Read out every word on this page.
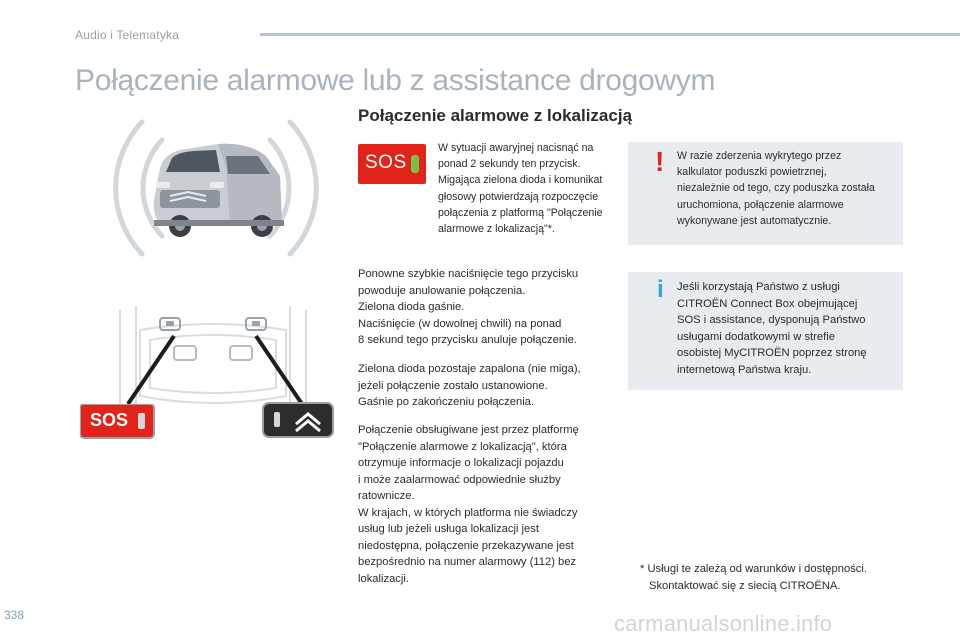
Audio i Telematyka
Połączenie alarmowe lub z assistance drogowym
Połączenie alarmowe z lokalizacją
SOS
W sytuacji awaryjnej nacisnąć na
ponad 2 sekundy ten przycisk.
Migająca zielona dioda i komunikat
głosowy potwierdzają rozpoczęcie
połączenia z platformą "Połączenie
alarmowe z lokalizacją"*.
! W razie zderzenia wykrytego przez
kalkulator poduszki powietrznej,
niezależnie od tego, czy poduszka została
uruchomiona, połączenie alarmowe
wykonywane jest automatycznie.
i Jeśli korzystają Państwo z usługi
CITROËN Connect Box obejmującej
SOS i assistance, dysponują Państwo
usługami dodatkowymi w strefie
osobistej MyCITROËN poprzez stronę
internetową Państwa kraju.
Ponowne szybkie naciśnięcie tego przycisku
powoduje anulowanie połączenia.
Zielona dioda gaśnie.
Naciśnięcie (w dowolnej chwili) na ponad
8 sekund tego przycisku anuluje połączenie.
Zielona dioda pozostaje zapalona (nie miga),
jeżeli połączenie zostało ustanowione.
Gaśnie po zakończeniu połączenia.
Połączenie obsługiwane jest przez platformę
"Połączenie alarmowe z lokalizacją", która
otrzymuje informacje o lokalizacji pojazdu
i może zaalarmować odpowiednie służby
ratownicze.
W krajach, w których platforma nie świadczy
usług lub jeżeli usługa lokalizacji jest
niedostępna, połączenie przekazywane jest
bezpośrednio na numer alarmowy (112) bez
lokalizacji.
SOS
* Usługi te zależą od warunków i dostępności.
Skontaktować się z siecią CITROËNA.
338	carmanualsonline.info
